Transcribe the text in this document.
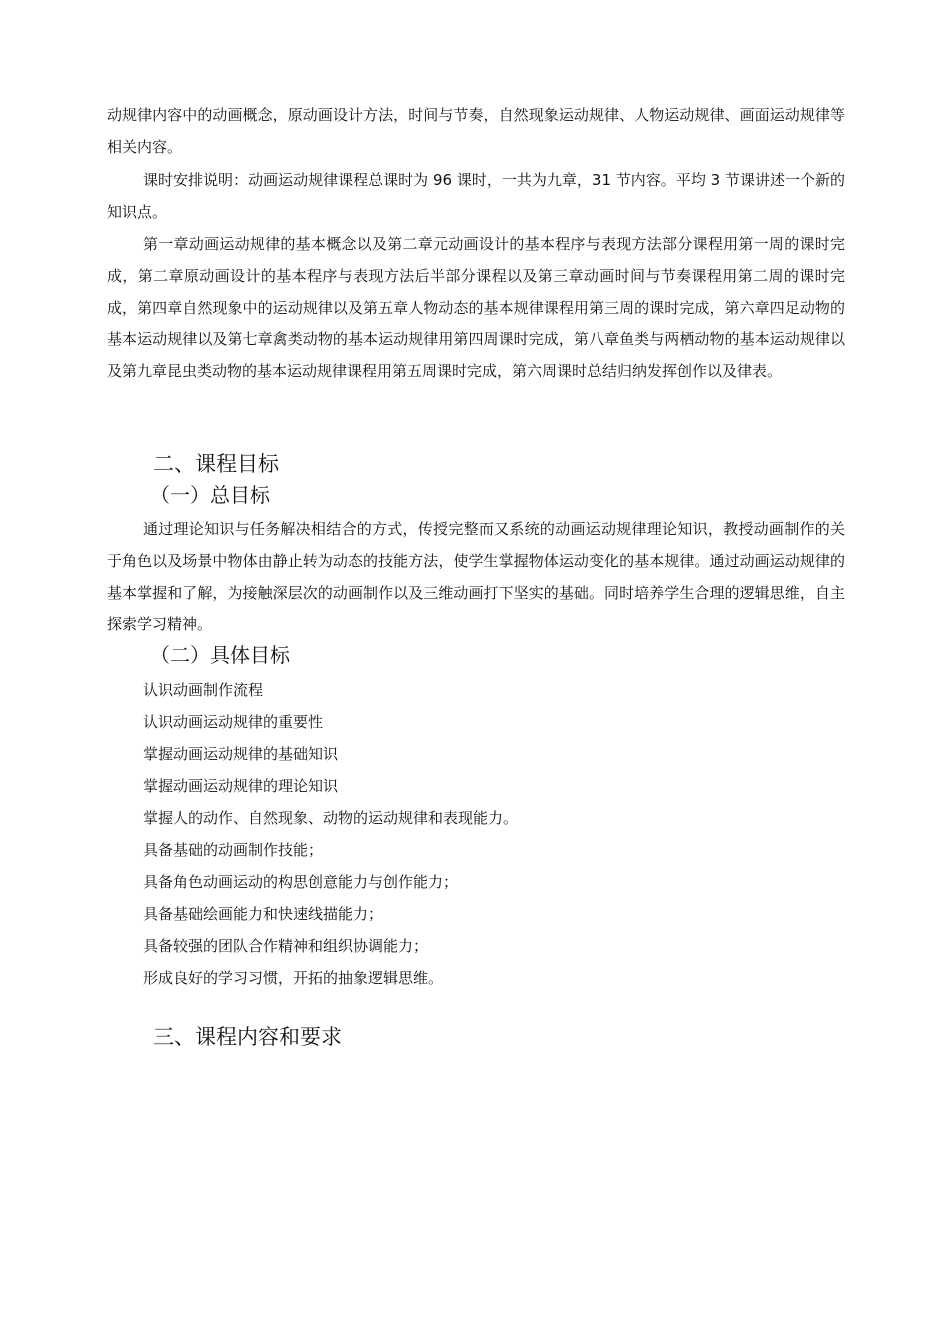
动规律内容中的动画概念，原动画设计方法，时间与节奏，自然现象运动规律、人物运动规律、画面运动规律等相关内容。

课时安排说明：动画运动规律课程总课时为 96 课时，一共为九章，31 节内容。平均 3 节课讲述一个新的知识点。

第一章动画运动规律的基本概念以及第二章元动画设计的基本程序与表现方法部分课程用第一周的课时完成，第二章原动画设计的基本程序与表现方法后半部分课程以及第三章动画时间与节奏课程用第二周的课时完成，第四章自然现象中的运动规律以及第五章人物动态的基本规律课程用第三周的课时完成，第六章四足动物的基本运动规律以及第七章禽类动物的基本运动规律用第四周课时完成，第八章鱼类与两栖动物的基本运动规律以及第九章昆虫类动物的基本运动规律课程用第五周课时完成，第六周课时总结归纳发挥创作以及律表。

二、课程目标
（一）总目标

通过理论知识与任务解决相结合的方式，传授完整而又系统的动画运动规律理论知识，教授动画制作的关于角色以及场景中物体由静止转为动态的技能方法，使学生掌握物体运动变化的基本规律。通过动画运动规律的基本掌握和了解，为接触深层次的动画制作以及三维动画打下坚实的基础。同时培养学生合理的逻辑思维，自主探索学习精神。

（二）具体目标
认识动画制作流程
认识动画运动规律的重要性
掌握动画运动规律的基础知识
掌握动画运动规律的理论知识
掌握人的动作、自然现象、动物的运动规律和表现能力。
具备基础的动画制作技能；
具备角色动画运动的构思创意能力与创作能力；
具备基础绘画能力和快速线描能力；
具备较强的团队合作精神和组织协调能力；
形成良好的学习习惯，开拓的抽象逻辑思维。
三、课程内容和要求
